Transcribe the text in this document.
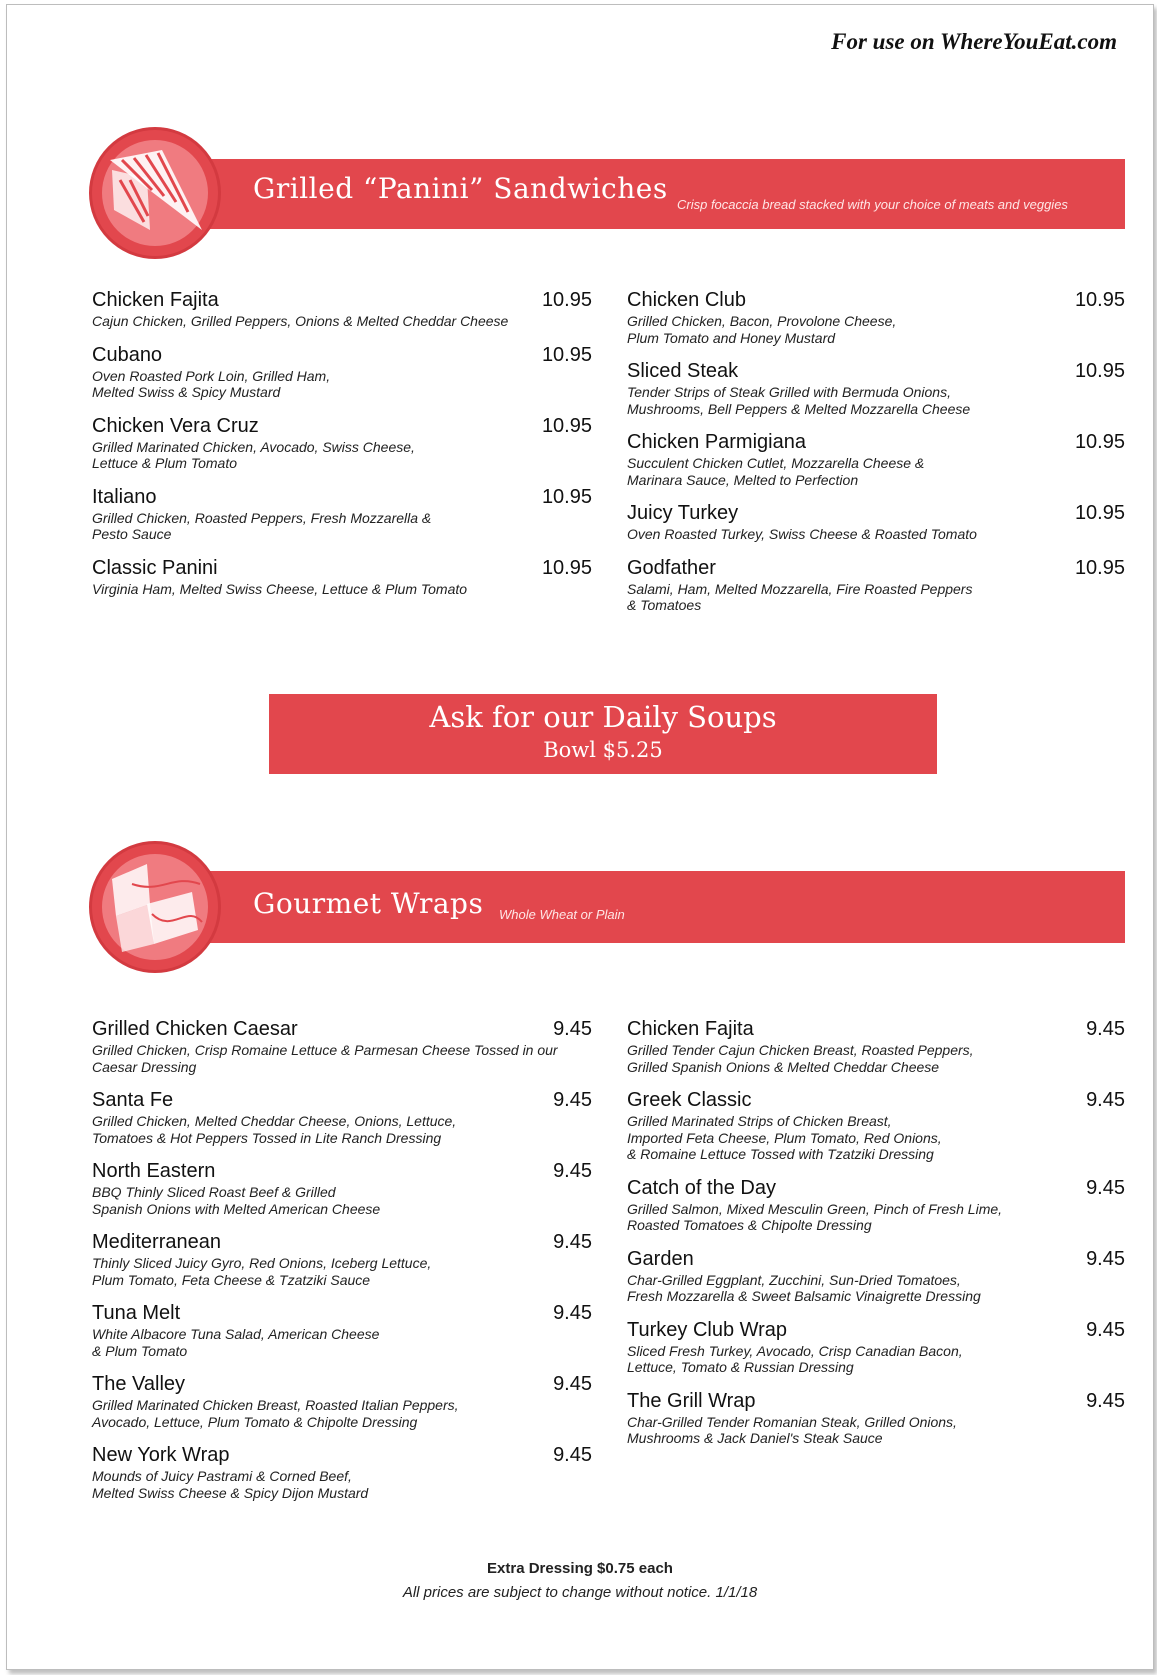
For use on WhereYouEat.com
Grilled “Panini” Sandwiches Crisp focaccia bread stacked with your choice of meats and veggies
Chicken Fajita	10.95
Cajun Chicken, Grilled Peppers, Onions & Melted Cheddar Cheese
Cubano	10.95
Oven Roasted Pork Loin, Grilled Ham,
Melted Swiss & Spicy Mustard
Chicken Vera Cruz	10.95
Grilled Marinated Chicken, Avocado, Swiss Cheese,
Lettuce & Plum Tomato
Italiano	10.95
Grilled Chicken, Roasted Peppers, Fresh Mozzarella &
Pesto Sauce
Classic Panini	10.95
Virginia Ham, Melted Swiss Cheese, Lettuce & Plum Tomato
Chicken Club	10.95
Grilled Chicken, Bacon, Provolone Cheese,
Plum Tomato and Honey Mustard
Sliced Steak	10.95
Tender Strips of Steak Grilled with Bermuda Onions,
Mushrooms, Bell Peppers & Melted Mozzarella Cheese
Chicken Parmigiana	10.95
Succulent Chicken Cutlet, Mozzarella Cheese &
Marinara Sauce, Melted to Perfection
Juicy Turkey	10.95
Oven Roasted Turkey, Swiss Cheese & Roasted Tomato
Godfather	10.95
Salami, Ham, Melted Mozzarella, Fire Roasted Peppers
& Tomatoes
Ask for our Daily Soups
Bowl $5.25
Gourmet Wraps Whole Wheat or Plain
Grilled Chicken Caesar	9.45
Grilled Chicken, Crisp Romaine Lettuce & Parmesan Cheese Tossed in our
Caesar Dressing
Santa Fe	9.45
Grilled Chicken, Melted Cheddar Cheese, Onions, Lettuce,
Tomatoes & Hot Peppers Tossed in Lite Ranch Dressing
North Eastern	9.45
BBQ Thinly Sliced Roast Beef & Grilled
Spanish Onions with Melted American Cheese
Mediterranean	9.45
Thinly Sliced Juicy Gyro, Red Onions, Iceberg Lettuce,
Plum Tomato, Feta Cheese & Tzatziki Sauce
Tuna Melt	9.45
White Albacore Tuna Salad, American Cheese
& Plum Tomato
The Valley	9.45
Grilled Marinated Chicken Breast, Roasted Italian Peppers,
Avocado, Lettuce, Plum Tomato & Chipolte Dressing
New York Wrap	9.45
Mounds of Juicy Pastrami & Corned Beef,
Melted Swiss Cheese & Spicy Dijon Mustard
Chicken Fajita	9.45
Grilled Tender Cajun Chicken Breast, Roasted Peppers,
Grilled Spanish Onions & Melted Cheddar Cheese
Greek Classic	9.45
Grilled Marinated Strips of Chicken Breast,
Imported Feta Cheese, Plum Tomato, Red Onions,
& Romaine Lettuce Tossed with Tzatziki Dressing
Catch of the Day	9.45
Grilled Salmon, Mixed Mesculin Green, Pinch of Fresh Lime,
Roasted Tomatoes & Chipolte Dressing
Garden	9.45
Char-Grilled Eggplant, Zucchini, Sun-Dried Tomatoes,
Fresh Mozzarella & Sweet Balsamic Vinaigrette Dressing
Turkey Club Wrap	9.45
Sliced Fresh Turkey, Avocado, Crisp Canadian Bacon,
Lettuce, Tomato & Russian Dressing
The Grill Wrap	9.45
Char-Grilled Tender Romanian Steak, Grilled Onions,
Mushrooms & Jack Daniel's Steak Sauce
Extra Dressing $0.75 each
All prices are subject to change without notice. 1/1/18
